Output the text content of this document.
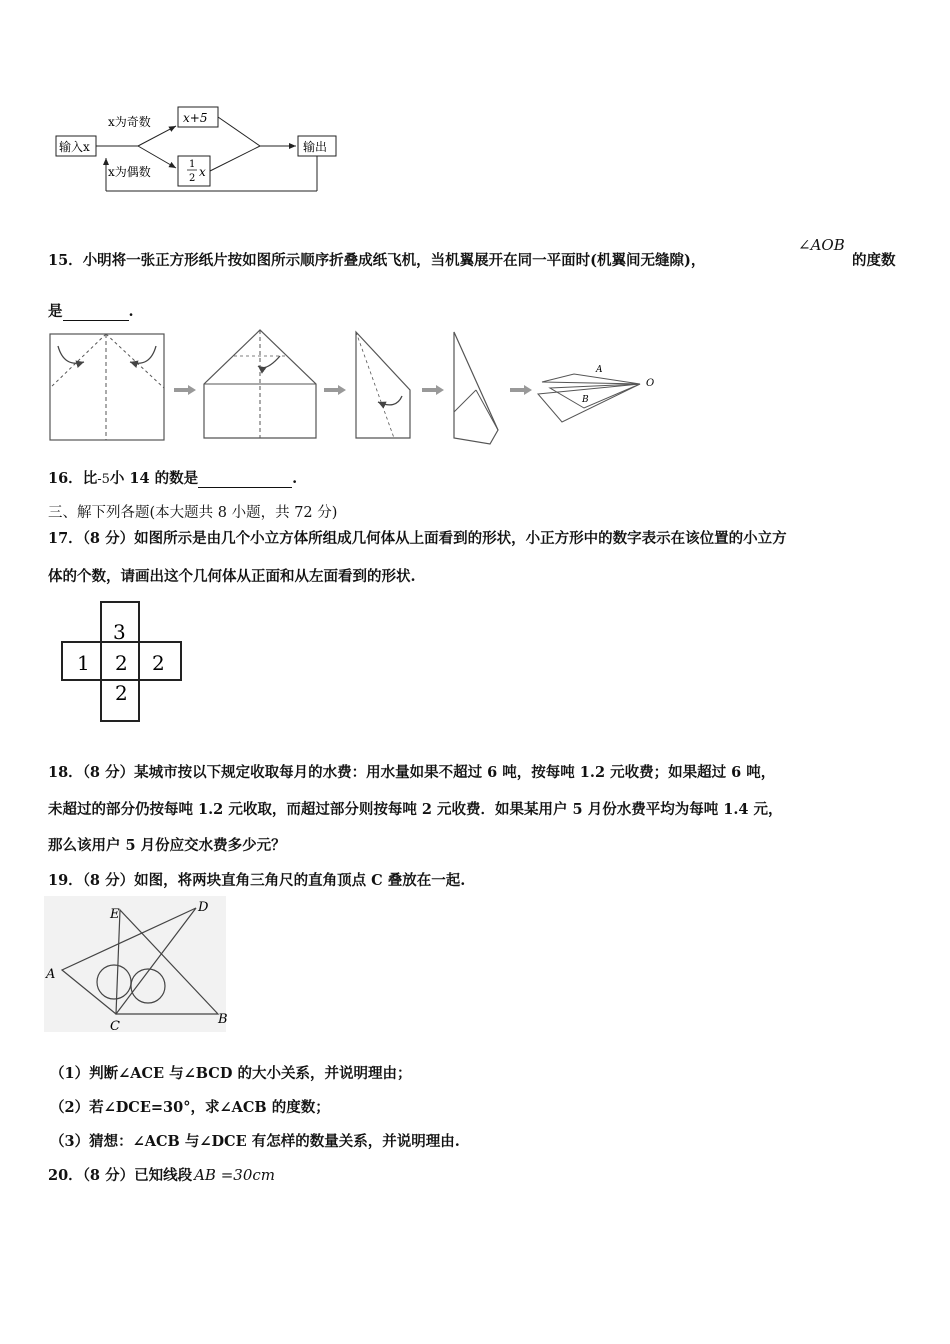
输入x
x为奇数
x为偶数
x+5
1
2 x
输出
15．小明将一张正方形纸片按如图所示顺序折叠成纸飞机，当机翼展开在同一平面时(机翼间无缝隙)，
∠AOB
的度数
是	.
A
B
O
16．比-5小 14 的数是	.
三、解下列各题(本大题共 8 小题，共 72 分)
17．（8 分）如图所示是由几个小立方体所组成几何体从上面看到的形状，小正方形中的数字表示在该位置的小立方
体的个数，请画出这个几何体从正面和从左面看到的形状.
3
1 2 2
2
18．（8 分）某城市按以下规定收取每月的水费：用水量如果不超过 6 吨，按每吨 1.2 元收费；如果超过 6 吨，
未超过的部分仍按每吨 1.2 元收取，而超过部分则按每吨 2 元收费．如果某用户 5 月份水费平均为每吨 1.4 元，
那么该用户 5 月份应交水费多少元？
19．（8 分）如图，将两块直角三角尺的直角顶点 C 叠放在一起.
E	D
A
C	B
（1）判断∠ACE 与∠BCD 的大小关系，并说明理由；
（2）若∠DCE=30°，求∠ACB 的度数；
（3）猜想：∠ACB 与∠DCE 有怎样的数量关系，并说明理由.
20．（8 分）已知线段 AB =30cm
